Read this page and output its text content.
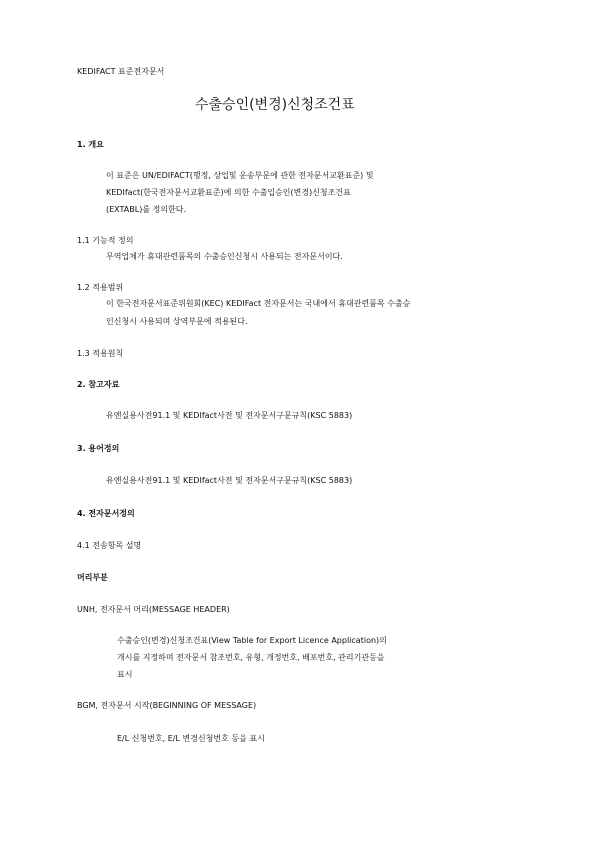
KEDIFACT 표준전자문서
수출승인(변경)신청조건표
1. 개요
이 표준은 UN/EDIFACT(행정, 상업및 운송부문에 관한 전자문서교환표준) 및
KEDIfact(한국전자문서교환표준)에 의한 수출입승인(변경)신청조건표
(EXTABL)를 정의한다.
1.1 기능적 정의
무역업체가 휴대관련품목의 수출승인신청시 사용되는 전자문서이다.
1.2 적용범위
이 한국전자문서표준위원회(KEC) KEDIFact 전자문서는 국내에서 휴대관련품목 수출승
인신청시 사용되며 상역부문에 적용된다.
1.3 적용원칙
2. 참고자료
유엔실용사전91.1 및 KEDIfact사전 및 전자문서구문규칙(KSC 5883)
3. 용어정의
유엔실용사전91.1 및 KEDIfact사전 및 전자문서구문규칙(KSC 5883)
4. 전자문서정의
4.1 전송항목 설명
머리부분
UNH, 전자문서 머리(MESSAGE HEADER)
수출승인(변경)신청조건표(View Table for Export Licence Application)의
개시를 지정하며 전자문서 참조번호, 유형, 개정번호, 배포번호, 관리기관등을
표시
BGM, 전자문서 시작(BEGINNING OF MESSAGE)
E/L 신청번호, E/L 변경신청번호 등을 표시
